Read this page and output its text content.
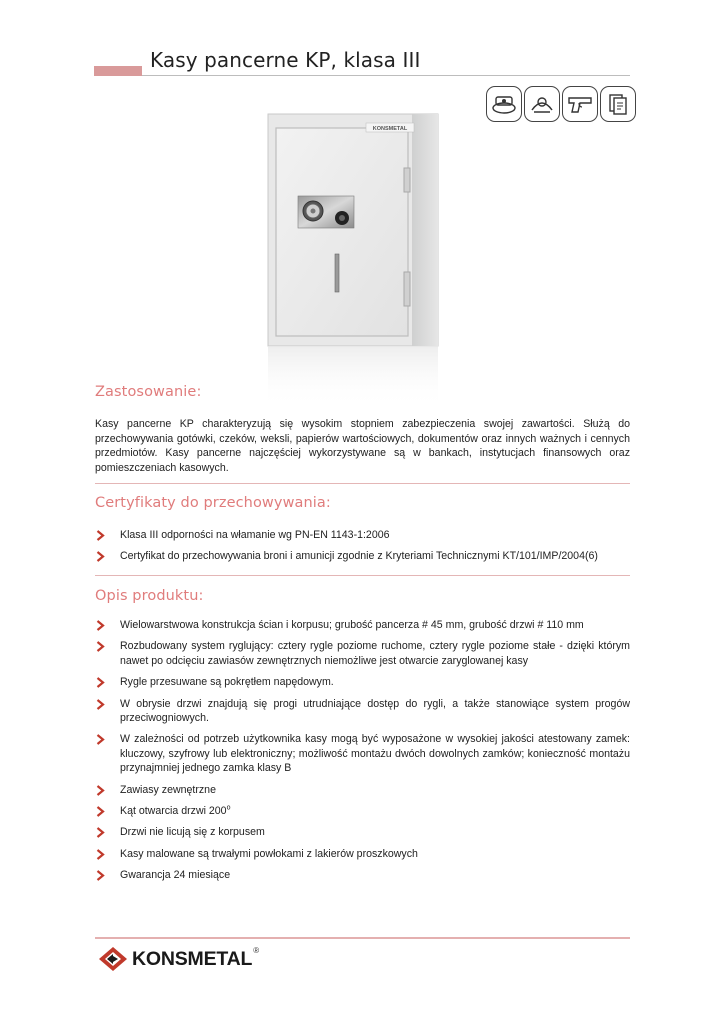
Kasy pancerne KP, klasa III
KONSMETAL
Zastosowanie:
Kasy pancerne KP charakteryzują się wysokim stopniem zabezpieczenia swojej zawartości. Służą do przechowywania gotówki, czeków, weksli, papierów wartościowych, dokumentów oraz innych ważnych i cennych przedmiotów. Kasy pancerne najczęściej wykorzystywane są w bankach, instytucjach finansowych oraz pomieszczeniach kasowych.
Certyfikaty do przechowywania:
Klasa III odporności na włamanie wg PN-EN 1143-1:2006
Certyfikat do przechowywania broni i amunicji zgodnie z Kryteriami Technicznymi KT/101/IMP/2004(6)
Opis produktu:
Wielowarstwowa konstrukcja ścian i korpusu; grubość pancerza # 45 mm, grubość drzwi # 110 mm
Rozbudowany system ryglujący: cztery rygle poziome ruchome, cztery rygle poziome stałe - dzięki którym nawet po odcięciu zawiasów zewnętrznych niemożliwe jest otwarcie zaryglowanej kasy
Rygle przesuwane są pokrętłem napędowym.
W obrysie drzwi znajdują się progi utrudniające dostęp do rygli, a także stanowiące system progów przeciwogniowych.
W zależności od potrzeb użytkownika kasy mogą być wyposażone w wysokiej jakości atestowany zamek: kluczowy, szyfrowy lub elektroniczny; możliwość montażu dwóch dowolnych zamków; konieczność montażu przynajmniej jednego zamka klasy B
Zawiasy zewnętrzne
Kąt otwarcia drzwi 200$^o$
Drzwi nie licują się z korpusem
Kasy malowane są trwałymi powłokami z lakierów proszkowych
Gwarancja 24 miesiące
KONSMETAL ®
